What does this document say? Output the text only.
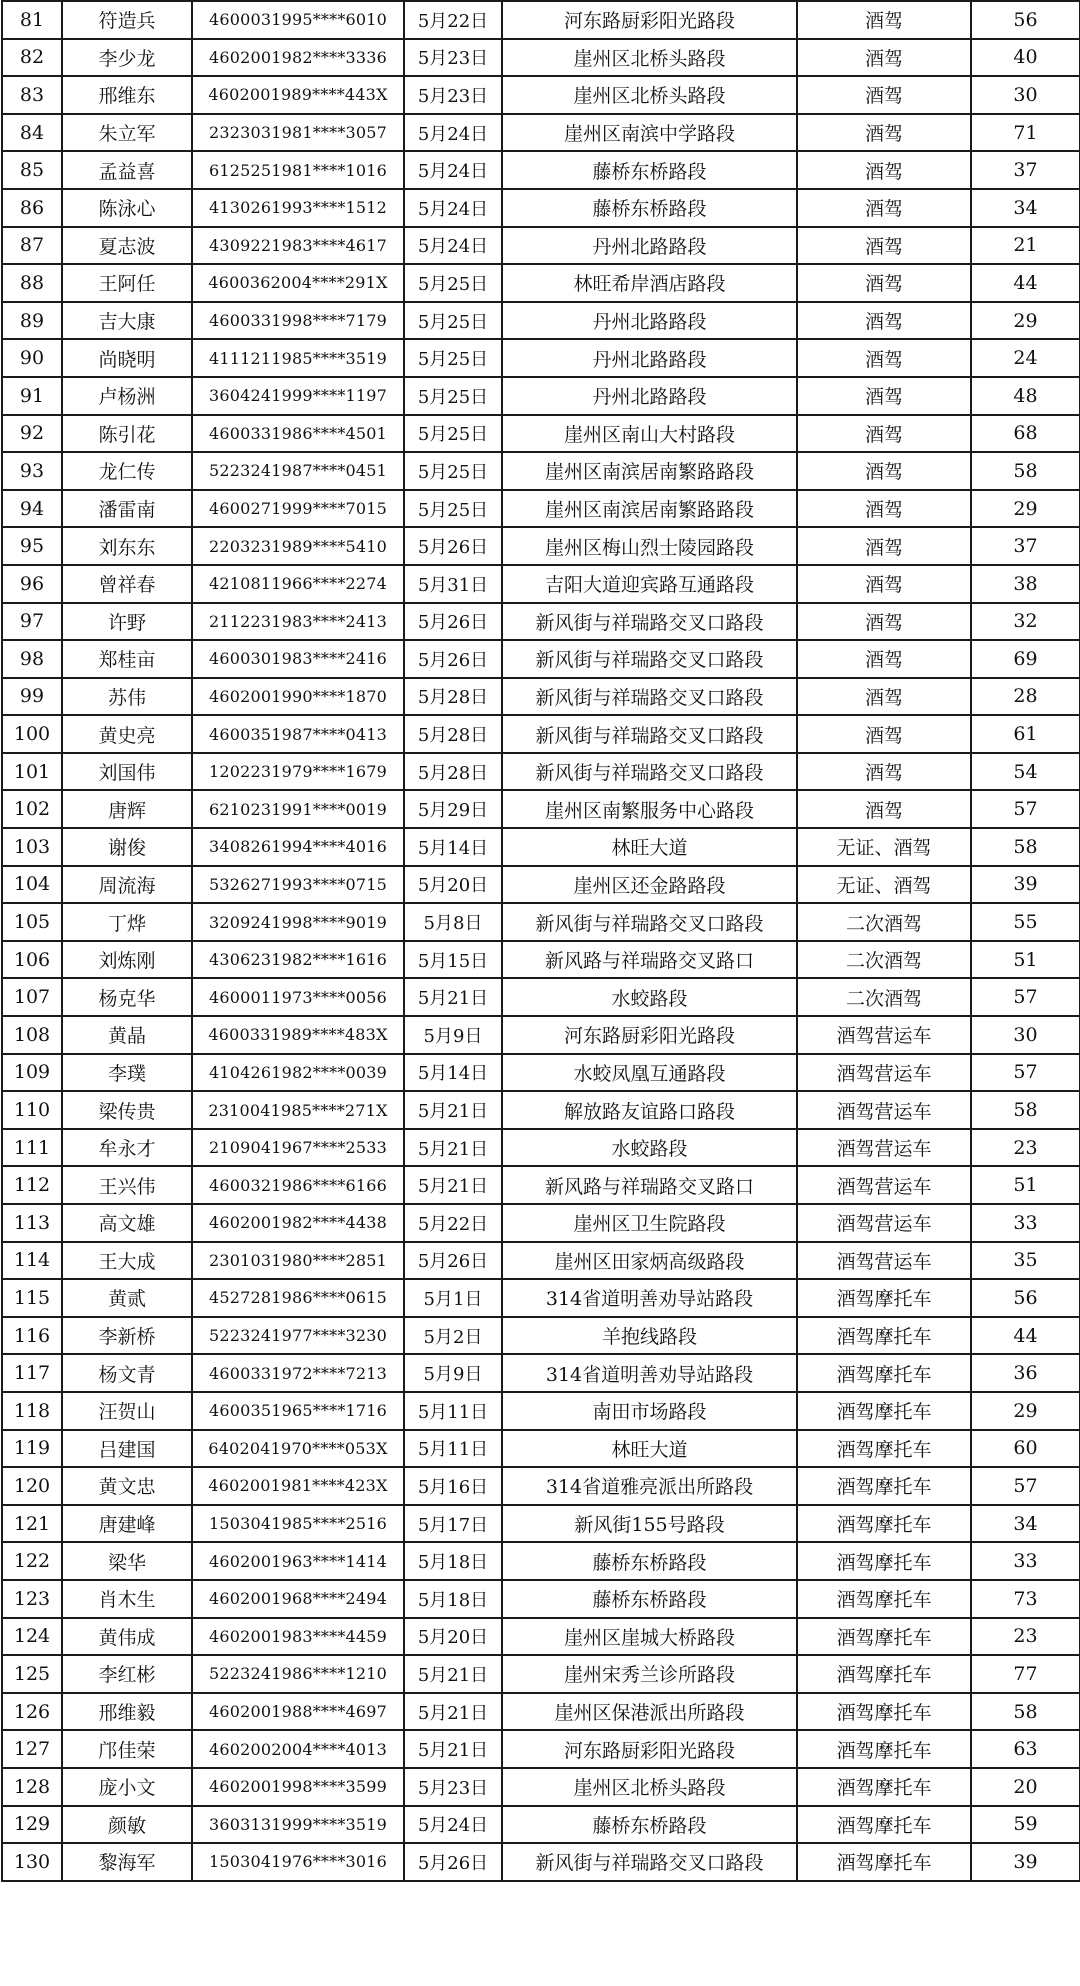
81	符造兵	4600031995****6010	5月22日	河东路厨彩阳光路段	酒驾	56
82	李少龙	4602001982****3336	5月23日	崖州区北桥头路段	酒驾	40
83	邢维东	4602001989****443X	5月23日	崖州区北桥头路段	酒驾	30
84	朱立军	2323031981****3057	5月24日	崖州区南滨中学路段	酒驾	71
85	孟益喜	6125251981****1016	5月24日	藤桥东桥路段	酒驾	37
86	陈泳心	4130261993****1512	5月24日	藤桥东桥路段	酒驾	34
87	夏志波	4309221983****4617	5月24日	丹州北路路段	酒驾	21
88	王阿任	4600362004****291X	5月25日	林旺希岸酒店路段	酒驾	44
89	吉大康	4600331998****7179	5月25日	丹州北路路段	酒驾	29
90	尚晓明	4111211985****3519	5月25日	丹州北路路段	酒驾	24
91	卢杨洲	3604241999****1197	5月25日	丹州北路路段	酒驾	48
92	陈引花	4600331986****4501	5月25日	崖州区南山大村路段	酒驾	68
93	龙仁传	5223241987****0451	5月25日	崖州区南滨居南繁路路段	酒驾	58
94	潘雷南	4600271999****7015	5月25日	崖州区南滨居南繁路路段	酒驾	29
95	刘东东	2203231989****5410	5月26日	崖州区梅山烈士陵园路段	酒驾	37
96	曾祥春	4210811966****2274	5月31日	吉阳大道迎宾路互通路段	酒驾	38
97	许野	2112231983****2413	5月26日	新风街与祥瑞路交叉口路段	酒驾	32
98	郑桂亩	4600301983****2416	5月26日	新风街与祥瑞路交叉口路段	酒驾	69
99	苏伟	4602001990****1870	5月28日	新风街与祥瑞路交叉口路段	酒驾	28
100	黄史亮	4600351987****0413	5月28日	新风街与祥瑞路交叉口路段	酒驾	61
101	刘国伟	1202231979****1679	5月28日	新风街与祥瑞路交叉口路段	酒驾	54
102	唐辉	6210231991****0019	5月29日	崖州区南繁服务中心路段	酒驾	57
103	谢俊	3408261994****4016	5月14日	林旺大道	无证、酒驾	58
104	周流海	5326271993****0715	5月20日	崖州区还金路路段	无证、酒驾	39
105	丁烨	3209241998****9019	5月8日	新风街与祥瑞路交叉口路段	二次酒驾	55
106	刘炼刚	4306231982****1616	5月15日	新风路与祥瑞路交叉路口	二次酒驾	51
107	杨克华	4600011973****0056	5月21日	水蛟路段	二次酒驾	57
108	黄晶	4600331989****483X	5月9日	河东路厨彩阳光路段	酒驾营运车	30
109	李璞	4104261982****0039	5月14日	水蛟凤凰互通路段	酒驾营运车	57
110	梁传贵	2310041985****271X	5月21日	解放路友谊路口路段	酒驾营运车	58
111	牟永才	2109041967****2533	5月21日	水蛟路段	酒驾营运车	23
112	王兴伟	4600321986****6166	5月21日	新风路与祥瑞路交叉路口	酒驾营运车	51
113	高文雄	4602001982****4438	5月22日	崖州区卫生院路段	酒驾营运车	33
114	王大成	2301031980****2851	5月26日	崖州区田家炳高级路段	酒驾营运车	35
115	黄贰	4527281986****0615	5月1日	314省道明善劝导站路段	酒驾摩托车	56
116	李新桥	5223241977****3230	5月2日	羊抱线路段	酒驾摩托车	44
117	杨文青	4600331972****7213	5月9日	314省道明善劝导站路段	酒驾摩托车	36
118	汪贺山	4600351965****1716	5月11日	南田市场路段	酒驾摩托车	29
119	吕建国	6402041970****053X	5月11日	林旺大道	酒驾摩托车	60
120	黄文忠	4602001981****423X	5月16日	314省道雅亮派出所路段	酒驾摩托车	57
121	唐建峰	1503041985****2516	5月17日	新风街155号路段	酒驾摩托车	34
122	梁华	4602001963****1414	5月18日	藤桥东桥路段	酒驾摩托车	33
123	肖木生	4602001968****2494	5月18日	藤桥东桥路段	酒驾摩托车	73
124	黄伟成	4602001983****4459	5月20日	崖州区崖城大桥路段	酒驾摩托车	23
125	李红彬	5223241986****1210	5月21日	崖州宋秀兰诊所路段	酒驾摩托车	77
126	邢维毅	4602001988****4697	5月21日	崖州区保港派出所路段	酒驾摩托车	58
127	邝佳荣	4602002004****4013	5月21日	河东路厨彩阳光路段	酒驾摩托车	63
128	庞小文	4602001998****3599	5月23日	崖州区北桥头路段	酒驾摩托车	20
129	颜敏	3603131999****3519	5月24日	藤桥东桥路段	酒驾摩托车	59
130	黎海军	1503041976****3016	5月26日	新风街与祥瑞路交叉口路段	酒驾摩托车	39
